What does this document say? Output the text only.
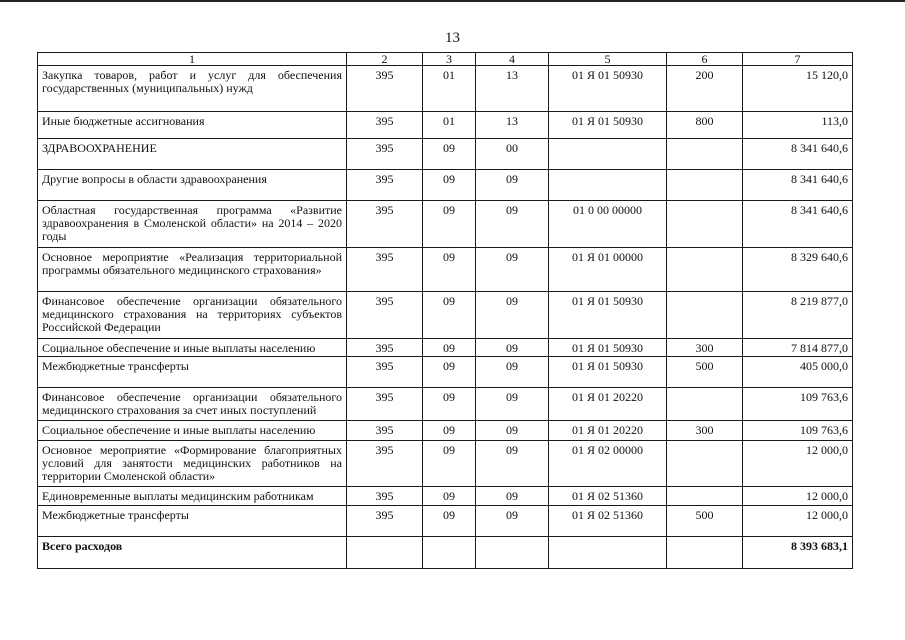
13
1	2	3	4	5	6	7
Закупка товаров, работ и услуг для обеспечения государственных (муниципальных) нужд	395	01	13	01 Я 01 50930	200	15 120,0
Иные бюджетные ассигнования	395	01	13	01 Я 01 50930	800	113,0
ЗДРАВООХРАНЕНИЕ	395	09	00			8 341 640,6
Другие вопросы в области здравоохранения	395	09	09			8 341 640,6
Областная государственная программа «Развитие здравоохранения в Смоленской области» на 2014 – 2020 годы	395	09	09	01 0 00 00000		8 341 640,6
Основное мероприятие «Реализация территориальной программы обязательного медицинского страхования»	395	09	09	01 Я 01 00000		8 329 640,6
Финансовое обеспечение организации обязательного медицинского страхования на территориях субъектов Российской Федерации	395	09	09	01 Я 01 50930		8 219 877,0
Социальное обеспечение и иные выплаты населению	395	09	09	01 Я 01 50930	300	7 814 877,0
Межбюджетные трансферты	395	09	09	01 Я 01 50930	500	405 000,0
Финансовое обеспечение организации обязательного медицинского страхования за счет иных поступлений	395	09	09	01 Я 01 20220		109 763,6
Социальное обеспечение и иные выплаты населению	395	09	09	01 Я 01 20220	300	109 763,6
Основное мероприятие «Формирование благоприятных условий для занятости медицинских работников на территории Смоленской области»	395	09	09	01 Я 02 00000		12 000,0
Единовременные выплаты медицинским работникам	395	09	09	01 Я 02 51360		12 000,0
Межбюджетные трансферты	395	09	09	01 Я 02 51360	500	12 000,0
Всего расходов						8 393 683,1
